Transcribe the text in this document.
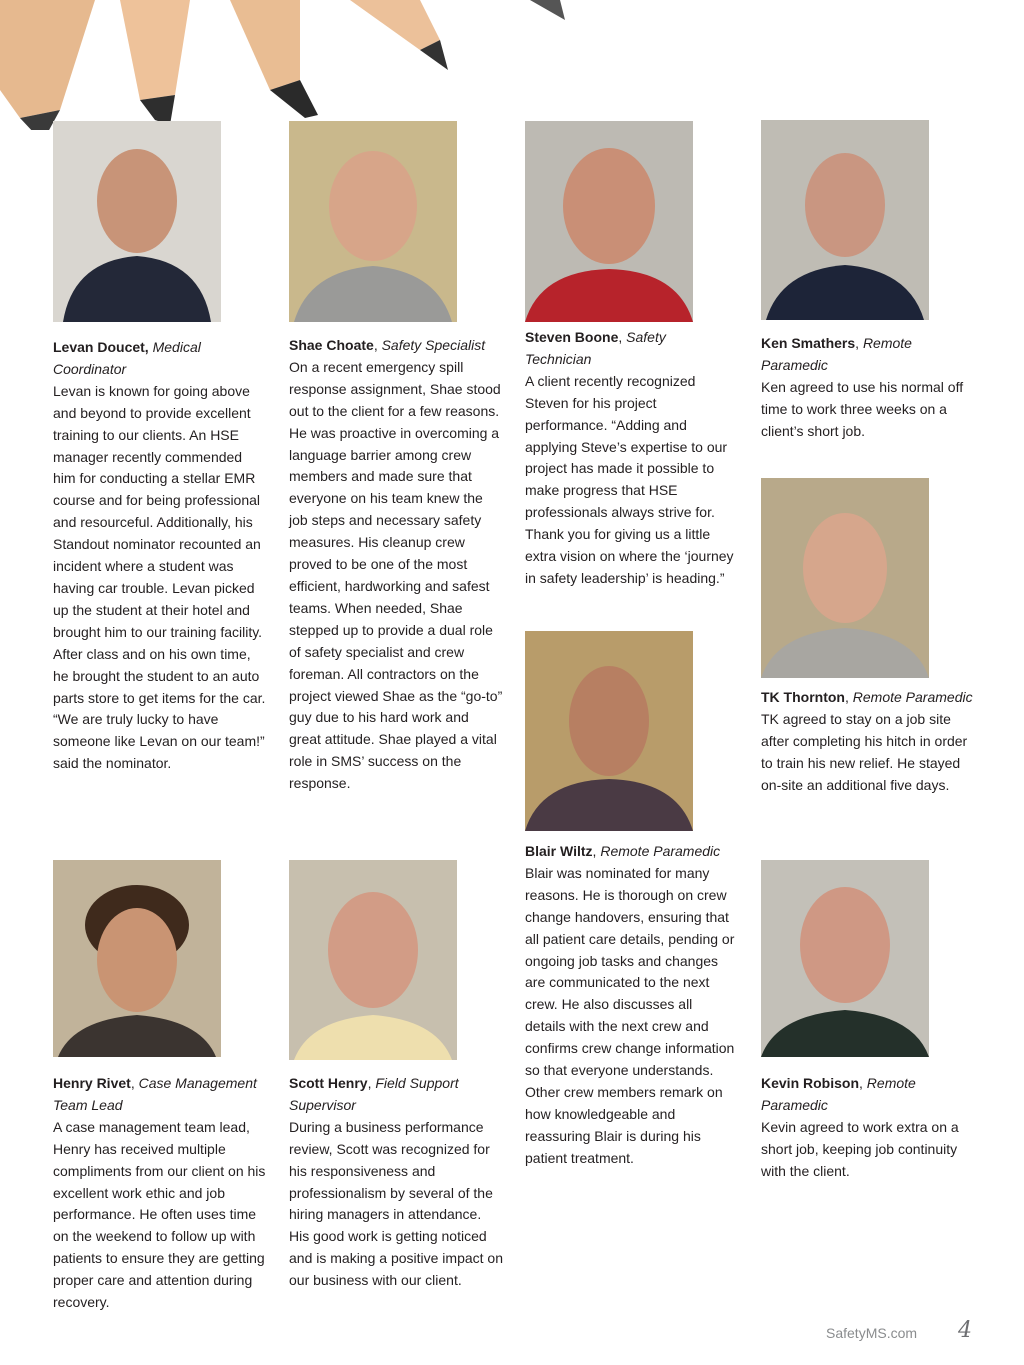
Levan Doucet, Medical Coordinator
Levan is known for going above and beyond to provide excellent training to our clients. An HSE manager recently commended him for conducting a stellar EMR course and for being professional and resourceful. Additionally, his Standout nominator recounted an incident where a student was having car trouble. Levan picked up the student at their hotel and brought him to our training facility. After class and on his own time, he brought the student to an auto parts store to get items for the car. “We are truly lucky to have someone like Levan on our team!” said the nominator.
Shae Choate, Safety Specialist
On a recent emergency spill response assignment, Shae stood out to the client for a few reasons. He was proactive in overcoming a language barrier among crew members and made sure that everyone on his team knew the job steps and necessary safety measures. His cleanup crew proved to be one of the most efficient, hardworking and safest teams. When needed, Shae stepped up to provide a dual role of safety specialist and crew foreman. All contractors on the project viewed Shae as the “go-to” guy due to his hard work and great attitude. Shae played a vital role in SMS’ success on the response.
Steven Boone, Safety Technician
A client recently recognized Steven for his project performance. “Adding and applying Steve’s expertise to our project has made it possible to make progress that HSE professionals always strive for. Thank you for giving us a little extra vision on where the ‘journey in safety leadership’ is heading.”
Ken Smathers, Remote Paramedic
Ken agreed to use his normal off time to work three weeks on a client’s short job.
TK Thornton, Remote Paramedic
TK agreed to stay on a job site after completing his hitch in order to train his new relief. He stayed on-site an additional five days.
Blair Wiltz, Remote Paramedic
Blair was nominated for many reasons. He is thorough on crew change handovers, ensuring that all patient care details, pending or ongoing job tasks and changes are communicated to the next crew. He also discusses all details with the next crew and confirms crew change information so that everyone understands. Other crew members remark on how knowledgeable and reassuring Blair is during his patient treatment.
Henry Rivet, Case Management Team Lead
A case management team lead, Henry has received multiple compliments from our client on his excellent work ethic and job performance. He often uses time on the weekend to follow up with patients to ensure they are getting proper care and attention during recovery.
Scott Henry, Field Support Supervisor
During a business performance review, Scott was recognized for his responsiveness and professionalism by several of the hiring managers in attendance. His good work is getting noticed and is making a positive impact on our business with our client.
Kevin Robison, Remote Paramedic
Kevin agreed to work extra on a short job, keeping job continuity with the client.
SafetyMS.com 4
